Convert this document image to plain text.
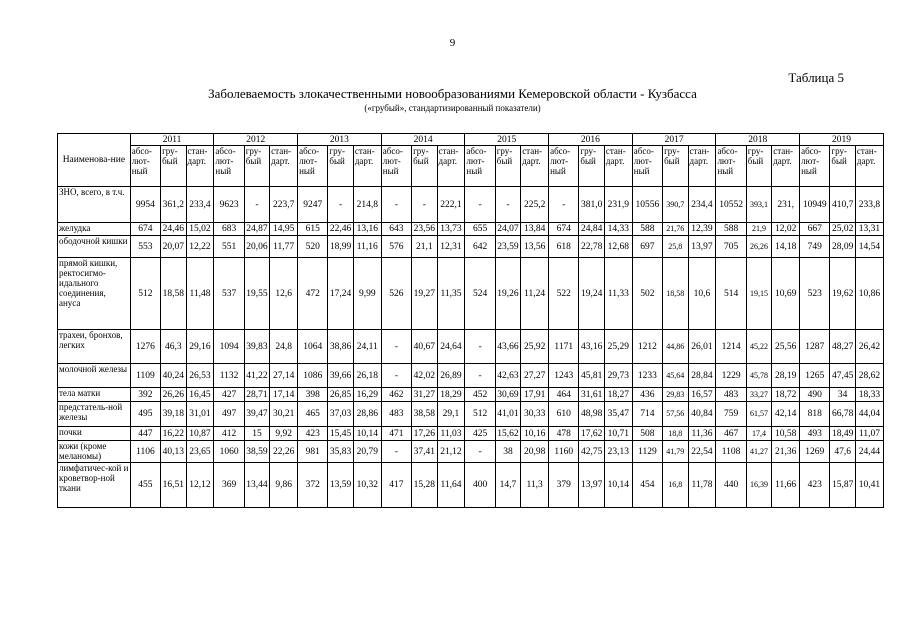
9
Таблица 5
Заболеваемость злокачественными новообразованиями Кемеровской области - Кузбасса
(«грубый», стандартизированный показатели)
Наименова-ние	2011			2012			2013			2014			2015			2016			2017			2018			2019		
	абсо-лют-ный	гру-бый	стан-дарт.	абсо-лют-ный	гру-бый	стан-дарт.	абсо-лют-ный	гру-бый	стан-дарт.	абсо-лют-ный	гру-бый	стан-дарт.	абсо-лют-ный	гру-бый	стан-дарт.	абсо-лют-ный	гру-бый	стан-дарт.	абсо-лют-ный	гру-бый	стан-дарт.	абсо-лют-ный	гру-бый	стан-дарт.	абсо-лют-ный	гру-бый	стан-дарт.
ЗНО, всего, в т.ч.	9954	361,2	233,4	9623	-	223,7	9247	-	214,8	-	-	222,1	-	-	225,2	-	381,0	231,9	10556	390,7	234,4	10552	393,1	231,	10949	410,7	233,8
желудка	674	24,46	15,02	683	24,87	14,95	615	22,46	13,16	643	23,56	13,73	655	24,07	13,84	674	24,84	14,33	588	21,76	12,39	588	21,9	12,02	667	25,02	13,31
ободочной кишки	553	20,07	12,22	551	20,06	11,77	520	18,99	11,16	576	21,1	12,31	642	23,59	13,56	618	22,78	12,68	697	25,8	13,97	705	26,26	14,18	749	28,09	14,54
прямой кишки, ректосигмо-идального соединения, ануса	512	18,58	11,48	537	19,55	12,6	472	17,24	9,99	526	19,27	11,35	524	19,26	11,24	522	19,24	11,33	502	18,58	10,6	514	19,15	10,69	523	19,62	10,86
трахеи, бронхов, легких	1276	46,3	29,16	1094	39,83	24,8	1064	38,86	24,11	-	40,67	24,64	-	43,66	25,92	1171	43,16	25,29	1212	44,86	26,01	1214	45,22	25,56	1287	48,27	26,42
молочной железы	1109	40,24	26,53	1132	41,22	27,14	1086	39,66	26,18	-	42,02	26,89	-	42,63	27,27	1243	45,81	29,73	1233	45,64	28,84	1229	45,78	28,19	1265	47,45	28,62
тела матки	392	26,26	16,45	427	28,71	17,14	398	26,85	16,29	462	31,27	18,29	452	30,69	17,91	464	31,61	18,27	436	29,83	16,57	483	33,27	18,72	490	34	18,33
предстатель-ной железы	495	39,18	31,01	497	39,47	30,21	465	37,03	28,86	483	38,58	29,1	512	41,01	30,33	610	48,98	35,47	714	57,56	40,84	759	61,57	42,14	818	66,78	44,04
почки	447	16,22	10,87	412	15	9,92	423	15,45	10,14	471	17,26	11,03	425	15,62	10,16	478	17,62	10,71	508	18,8	11,36	467	17,4	10,58	493	18,49	11,07
кожи (кроме меланомы)	1106	40,13	23,65	1060	38,59	22,26	981	35,83	20,79	-	37,41	21,12	-	38	20,98	1160	42,75	23,13	1129	41,79	22,54	1108	41,27	21,36	1269	47,6	24,44
лимфатичес-кой и кроветвор-ной ткани	455	16,51	12,12	369	13,44	9,86	372	13,59	10,32	417	15,28	11,64	400	14,7	11,3	379	13,97	10,14	454	16,8	11,78	440	16,39	11,66	423	15,87	10,41
